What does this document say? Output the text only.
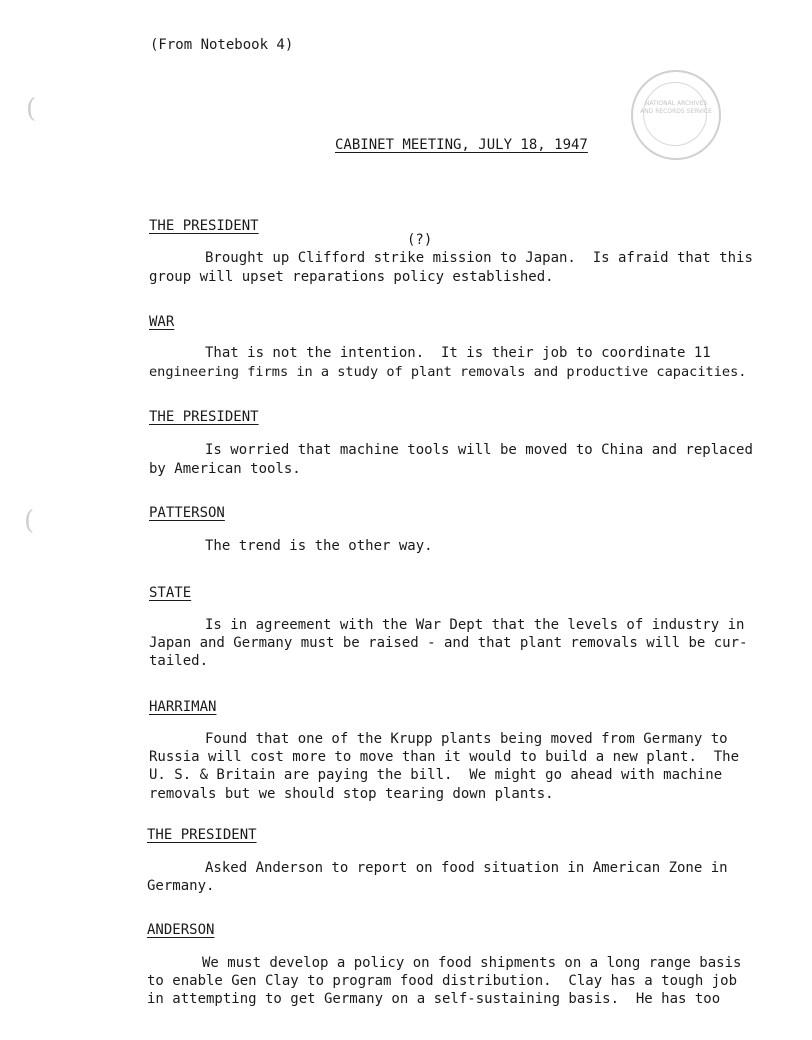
(From Notebook 4)
NATIONAL ARCHIVES AND RECORDS SERVICE
(
(
CABINET MEETING, JULY 18, 1947
THE PRESIDENT
(?)
Brought up Clifford strike mission to Japan.  Is afraid that this
group will upset reparations policy established.
WAR
That is not the intention.  It is their job to coordinate 11
engineering firms in a study of plant removals and productive capacities.
THE PRESIDENT
Is worried that machine tools will be moved to China and replaced
by American tools.
PATTERSON
The trend is the other way.
STATE
Is in agreement with the War Dept that the levels of industry in
Japan and Germany must be raised - and that plant removals will be cur-
tailed.
HARRIMAN
Found that one of the Krupp plants being moved from Germany to
Russia will cost more to move than it would to build a new plant.  The
U. S. & Britain are paying the bill.  We might go ahead with machine
removals but we should stop tearing down plants.
THE PRESIDENT
Asked Anderson to report on food situation in American Zone in
Germany.
ANDERSON
We must develop a policy on food shipments on a long range basis
to enable Gen Clay to program food distribution.  Clay has a tough job
in attempting to get Germany on a self-sustaining basis.  He has too
